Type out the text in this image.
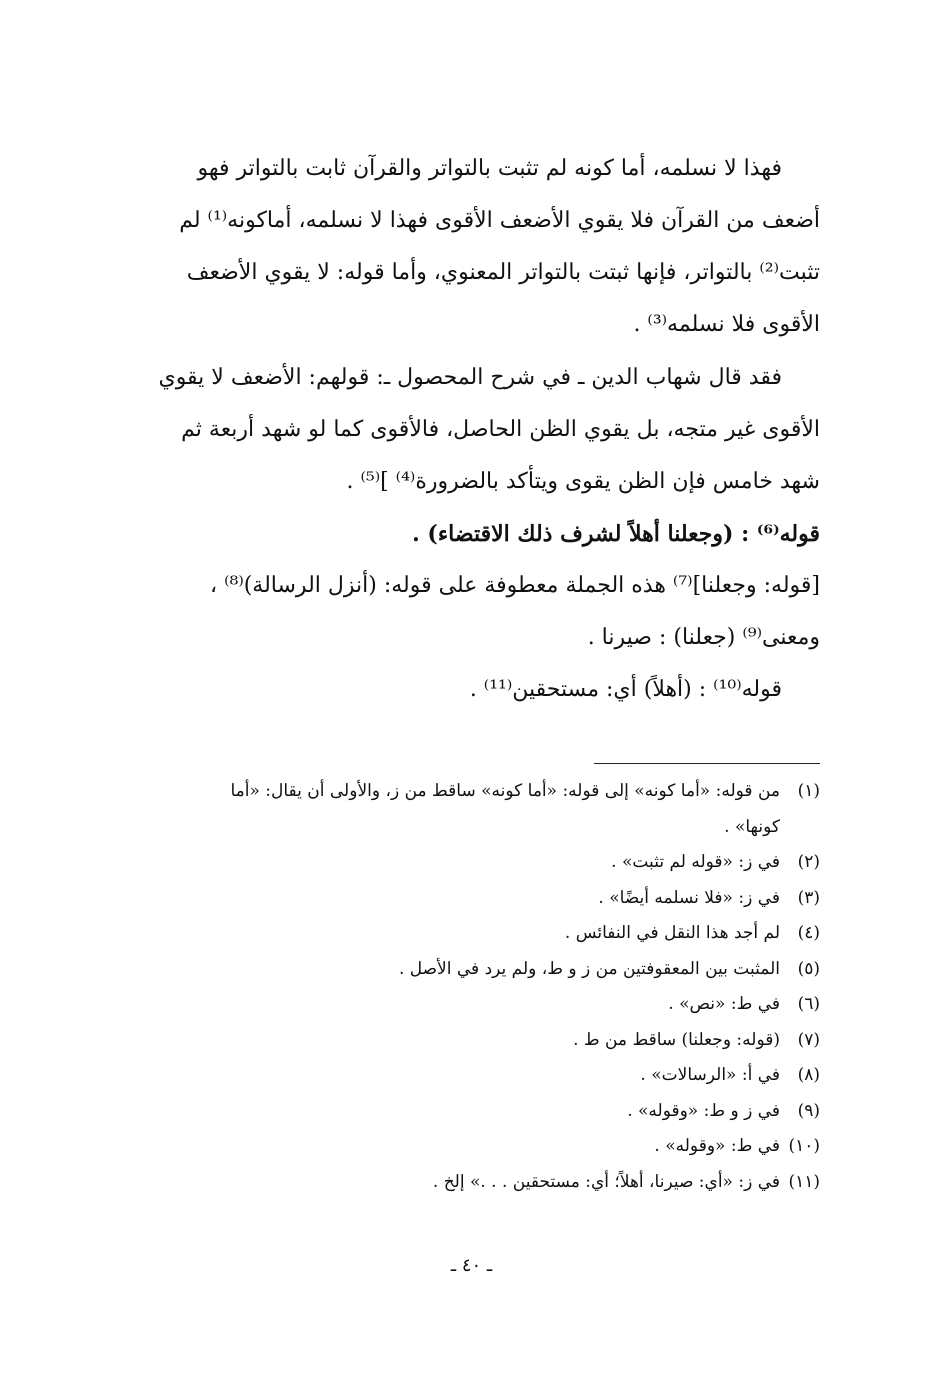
فهذا لا نسلمه، أما كونه لم تثبت بالتواتر والقرآن ثابت بالتواتر فهو
أضعف من القرآن فلا يقوي الأضعف الأقوى فهذا لا نسلمه، أماكونه⁽¹⁾ لم
تثبت⁽²⁾ بالتواتر، فإنها ثبتت بالتواتر المعنوي، وأما قوله: لا يقوي الأضعف
الأقوى فلا نسلمه⁽³⁾ .
فقد قال شهاب الدين ـ في شرح المحصول ـ: قولهم: الأضعف لا يقوي
الأقوى غير متجه، بل يقوي الظن الحاصل، فالأقوى كما لو شهد أربعة ثم
شهد خامس فإن الظن يقوى ويتأكد بالضرورة⁽⁴⁾ ]⁽⁵⁾ .
قوله⁽⁶⁾ : (وجعلنا أهلاً لشرف ذلك الاقتضاء) .
[قوله: وجعلنا]⁽⁷⁾ هذه الجملة معطوفة على قوله: (أنزل الرسالة)⁽⁸⁾ ،
ومعنى⁽⁹⁾ (جعلنا) : صيرنا .
قوله⁽¹⁰⁾ : (أهلاً) أي: مستحقين⁽¹¹⁾ .
(١)من قوله: «أما كونه» إلى قوله: «أما كونه» ساقط من ز، والأولى أن يقال: «أما
كونها» .
(٢)في ز: «قوله لم تثبت» .
(٣)في ز: «فلا نسلمه أيضًا» .
(٤)لم أجد هذا النقل في النفائس .
(٥)المثبت بين المعقوفتين من ز و ط، ولم يرد في الأصل .
(٦)في ط: «نص» .
(٧)(قوله: وجعلنا) ساقط من ط .
(٨)في أ: «الرسالات» .
(٩)في ز و ط: «وقوله» .
(١٠)في ط: «وقوله» .
(١١)في ز: «أي: صيرنا، أهلاً؛ أي: مستحقين . . .» إلخ .
ـ ٤٠ ـ
